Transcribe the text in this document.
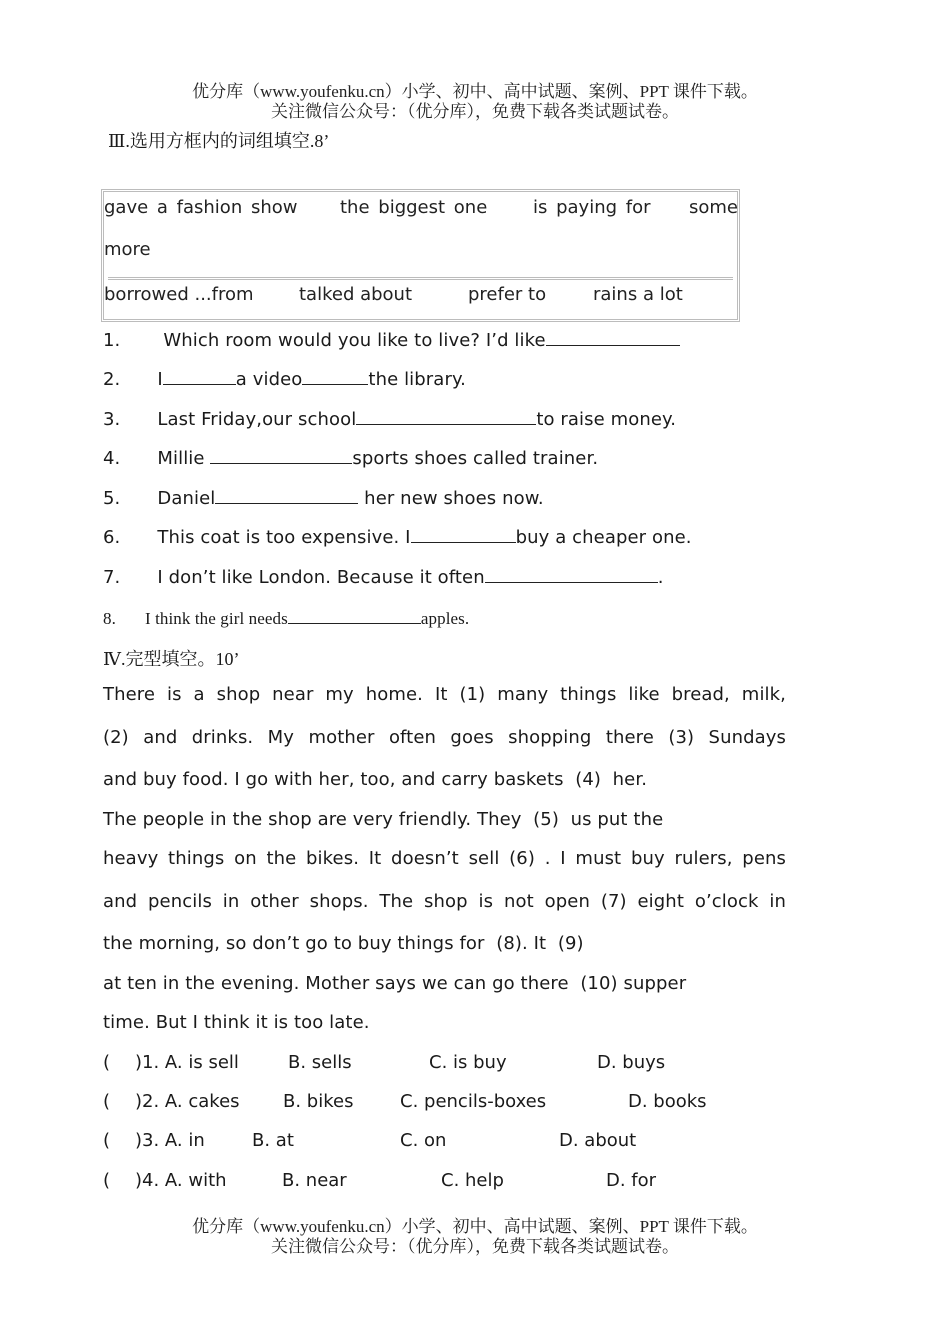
优分库（www.youfenku.cn）小学、初中、高中试题、案例、PPT 课件下载。
关注微信公众号：（优分库），免费下载各类试题试卷。
Ⅲ.选用方框内的词组填空.8’
gave a fashion show the biggest one	is paying for some
more
borrowed ...from	talked about	prefer to	rains a lot
1. Which room would you like to live? I’d like
2. I	a video	the library.
3. Last Friday,our school	to raise money.
4. Millie	sports shoes called trainer.
5. Daniel	her new shoes now.
6. This coat is too expensive. I	buy a cheaper one.
7. I don’t like London. Because it often	.
8. I think the girl needs	apples.
Ⅳ.完型填空。10’
There is a shop near my home. It (1) many things like bread, milk,
(2) and drinks. My mother often goes shopping there (3) Sundays
and buy food. I go with her, too, and carry baskets  (4)  her.
The people in the shop are very friendly. They  (5)  us put the
heavy things on the bikes. It doesn’t sell (6) . I must buy rulers, pens
and pencils in other shops. The shop is not open (7) eight o’clock in
the morning, so don’t go to buy things for  (8). It  (9)
at ten in the evening. Mother says we can go there  (10) supper
time. But I think it is too late.
( )1. A. is sell	B. sells	C. is buy	D. buys
( )2. A. cakes B. bikes	C. pencils-boxes	D. books
( )3. A. in	B. at	C. on	D. about
( )4. A. with	B. near	C. help	D. for
优分库（www.youfenku.cn）小学、初中、高中试题、案例、PPT 课件下载。
关注微信公众号：（优分库），免费下载各类试题试卷。
